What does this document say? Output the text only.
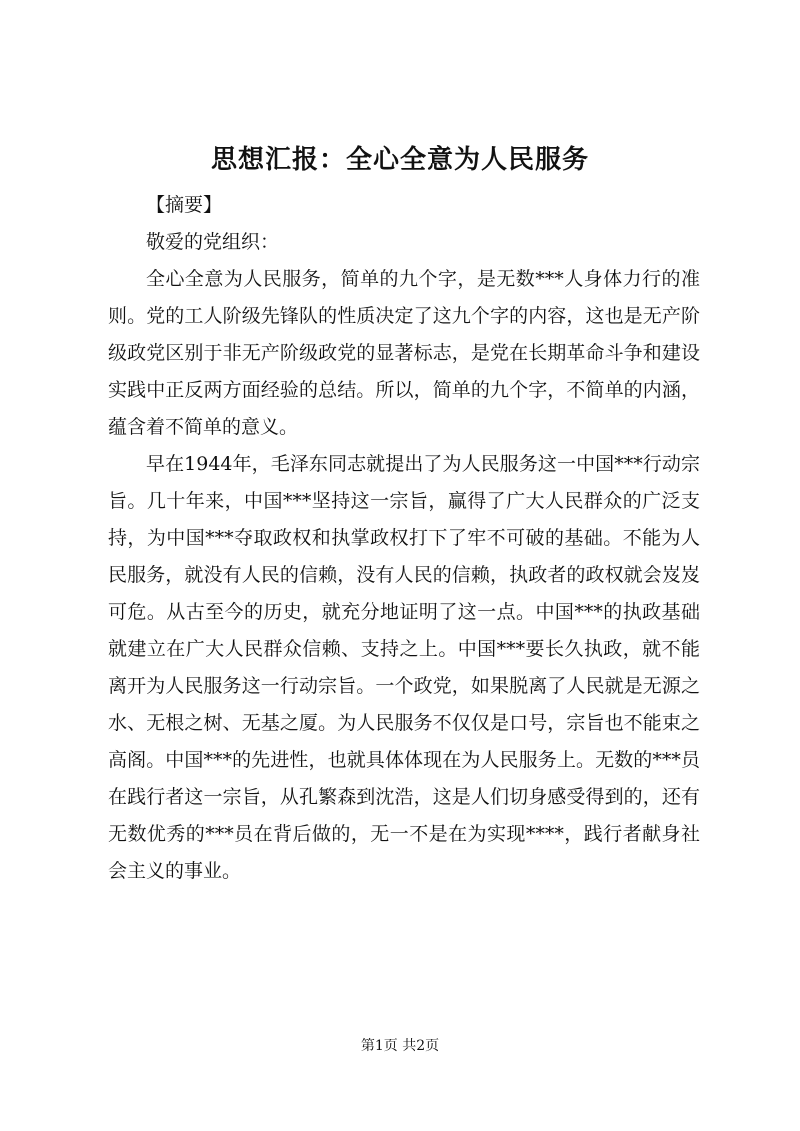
思想汇报：全心全意为人民服务

【摘要】

敬爱的党组织：

全心全意为人民服务，简单的九个字，是无数***人身体力行的准则。党的工人阶级先锋队的性质决定了这九个字的内容，这也是无产阶级政党区别于非无产阶级政党的显著标志，是党在长期革命斗争和建设实践中正反两方面经验的总结。所以，简单的九个字，不简单的内涵，蕴含着不简单的意义。

早在1944年，毛泽东同志就提出了为人民服务这一中国***行动宗旨。几十年来，中国***坚持这一宗旨，赢得了广大人民群众的广泛支持，为中国***夺取政权和执掌政权打下了牢不可破的基础。不能为人民服务，就没有人民的信赖，没有人民的信赖，执政者的政权就会岌岌可危。从古至今的历史，就充分地证明了这一点。中国***的执政基础就建立在广大人民群众信赖、支持之上。中国***要长久执政，就不能离开为人民服务这一行动宗旨。一个政党，如果脱离了人民就是无源之水、无根之树、无基之厦。为人民服务不仅仅是口号，宗旨也不能束之高阁。中国***的先进性，也就具体体现在为人民服务上。无数的***员在践行者这一宗旨，从孔繁森到沈浩，这是人们切身感受得到的，还有无数优秀的***员在背后做的，无一不是在为实现****，践行者献身社会主义的事业。

第1页 共2页
